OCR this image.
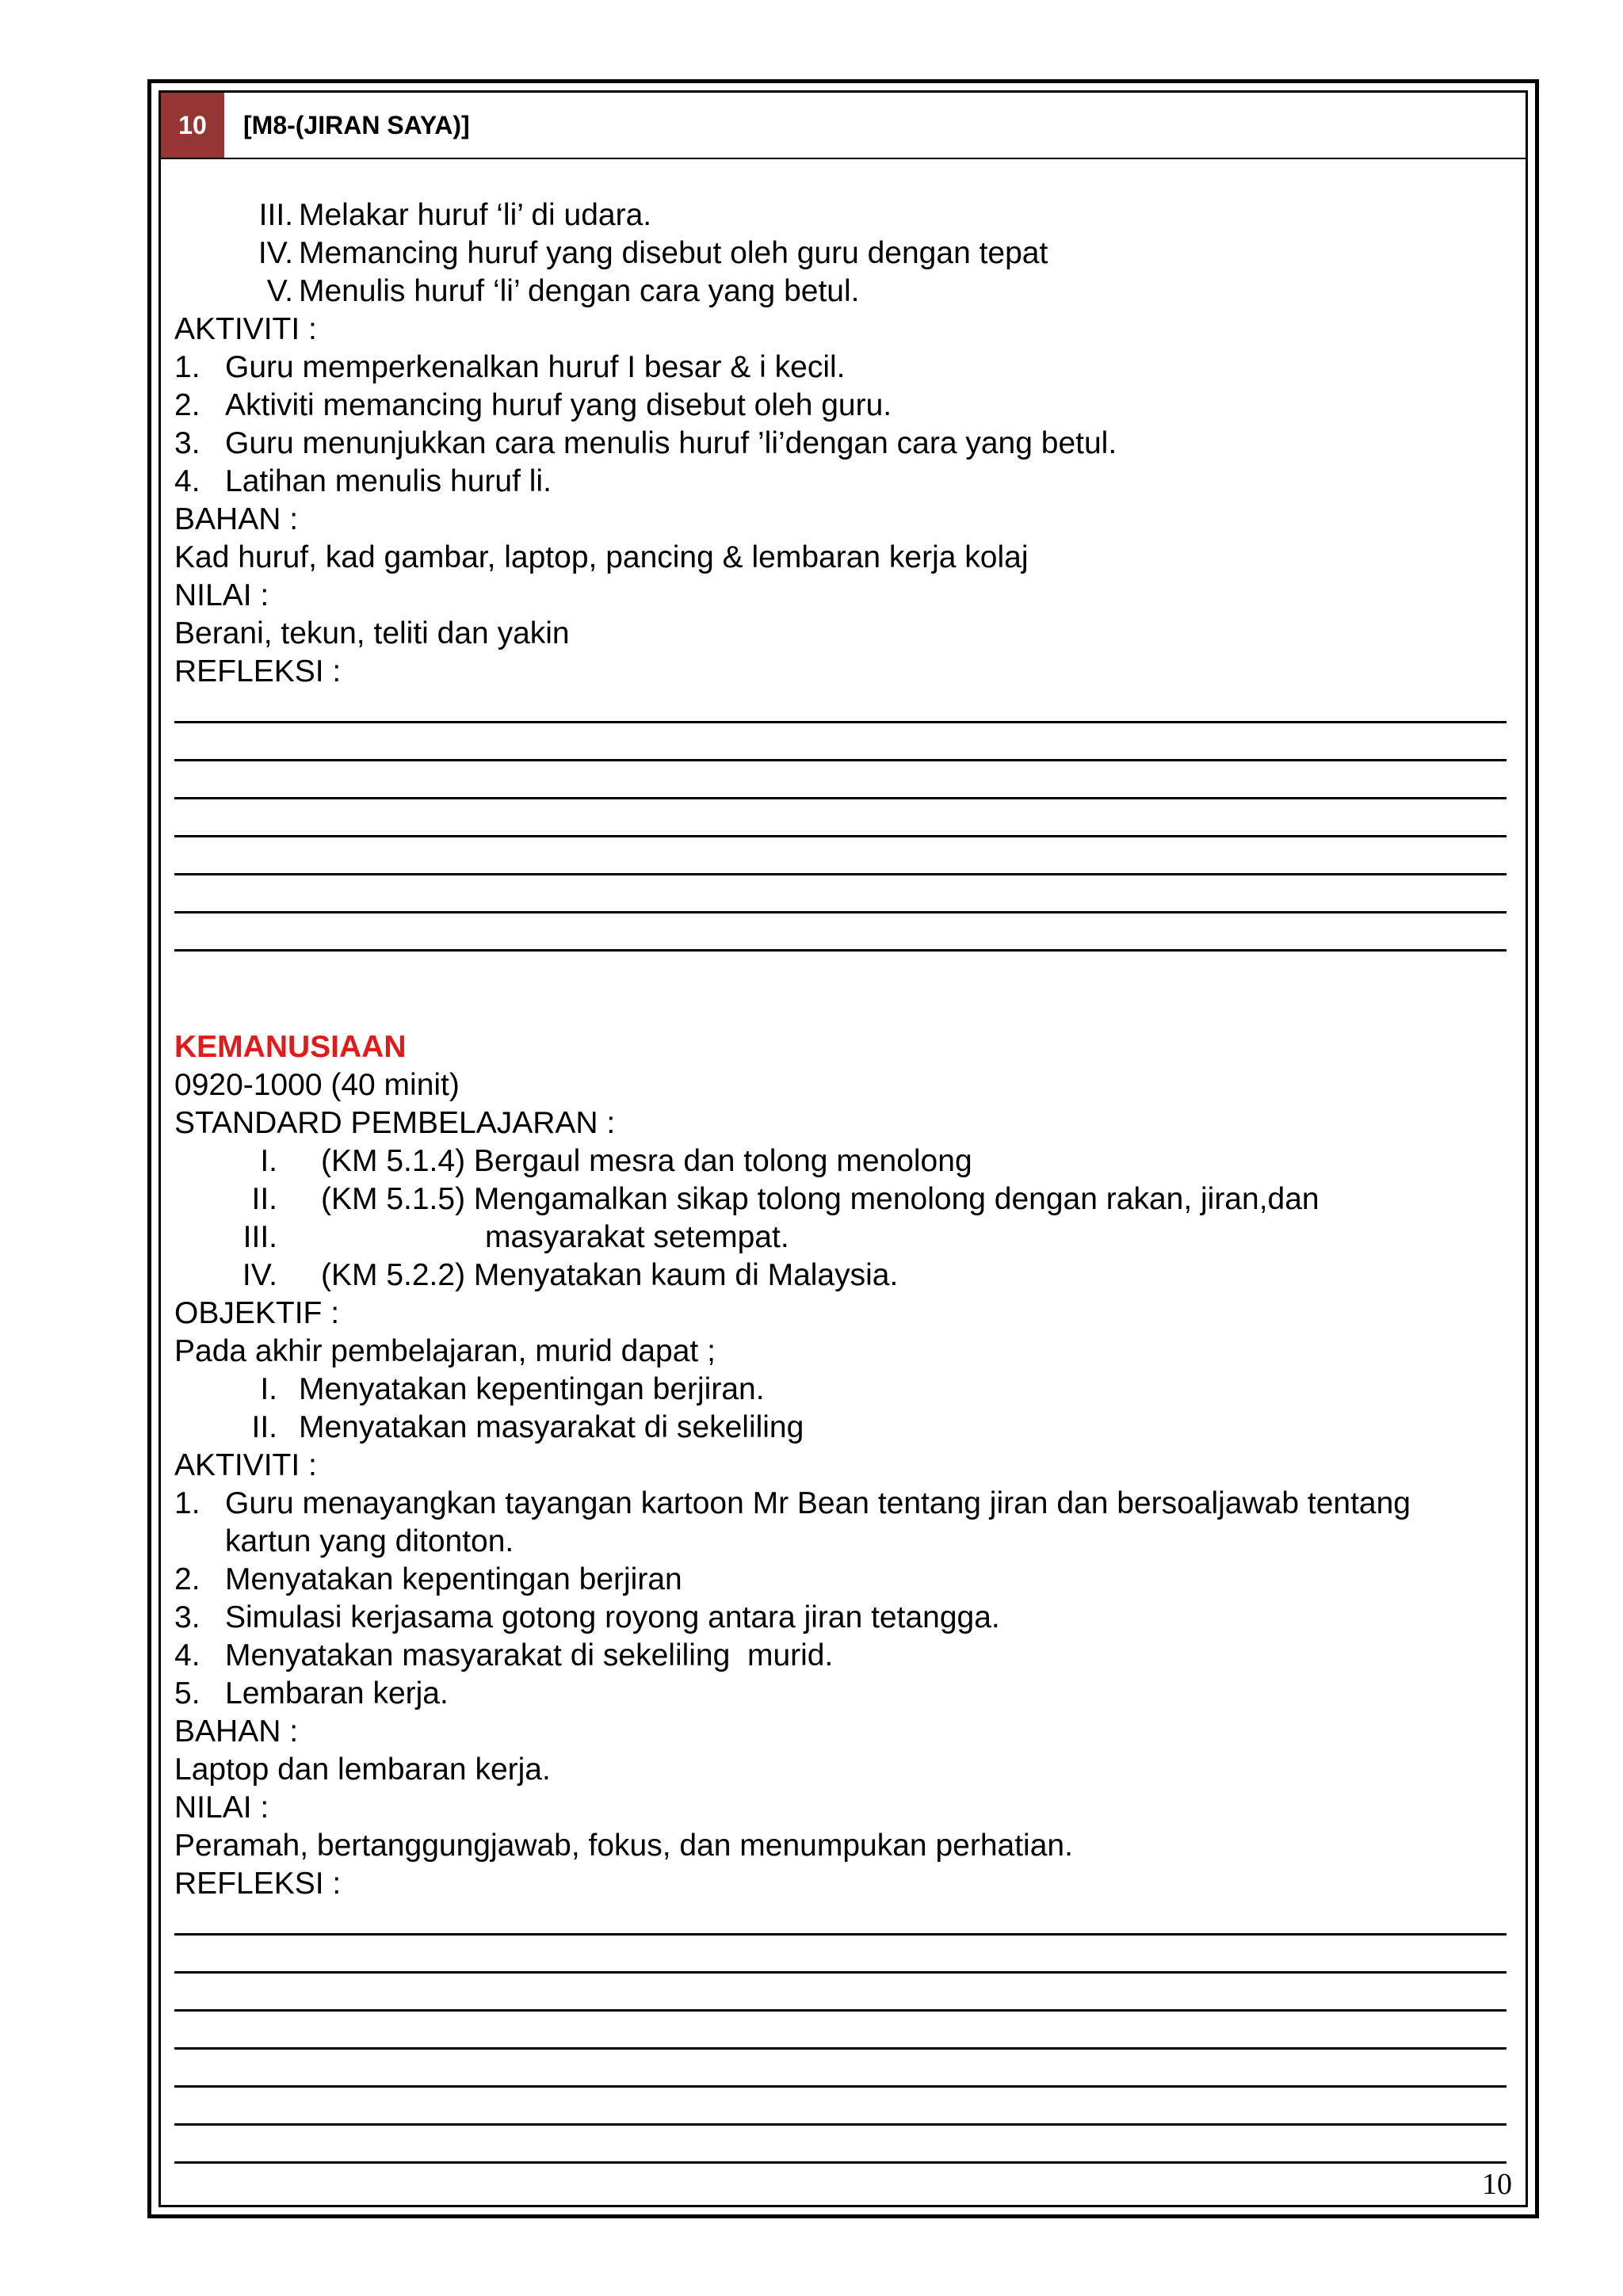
10	[M8-(JIRAN SAYA)]
III. Melakar huruf ‘li’ di udara.
IV. Memancing huruf yang disebut oleh guru dengan tepat
V. Menulis huruf ‘li’ dengan cara yang betul.
AKTIVITI :
1. Guru memperkenalkan huruf I besar & i kecil.
2. Aktiviti memancing huruf yang disebut oleh guru.
3. Guru menunjukkan cara menulis huruf ’li’dengan cara yang betul.
4. Latihan menulis huruf li.
BAHAN :
Kad huruf, kad gambar, laptop, pancing & lembaran kerja kolaj
NILAI :
Berani, tekun, teliti dan yakin
REFLEKSI :
KEMANUSIAAN
0920-1000 (40 minit)
STANDARD PEMBELAJARAN :
I. (KM 5.1.4) Bergaul mesra dan tolong menolong
II. (KM 5.1.5) Mengamalkan sikap tolong menolong dengan rakan, jiran,dan
III.	masyarakat setempat.
IV. (KM 5.2.2) Menyatakan kaum di Malaysia.
OBJEKTIF :
Pada akhir pembelajaran, murid dapat ;
I. Menyatakan kepentingan berjiran.
II. Menyatakan masyarakat di sekeliling
AKTIVITI :
1. Guru menayangkan tayangan kartoon Mr Bean tentang jiran dan bersoaljawab tentang
kartun yang ditonton.
2. Menyatakan kepentingan berjiran
3. Simulasi kerjasama gotong royong antara jiran tetangga.
4. Menyatakan masyarakat di sekeliling  murid.
5. Lembaran kerja.
BAHAN :
Laptop dan lembaran kerja.
NILAI :
Peramah, bertanggungjawab, fokus, dan menumpukan perhatian.
REFLEKSI :
10
